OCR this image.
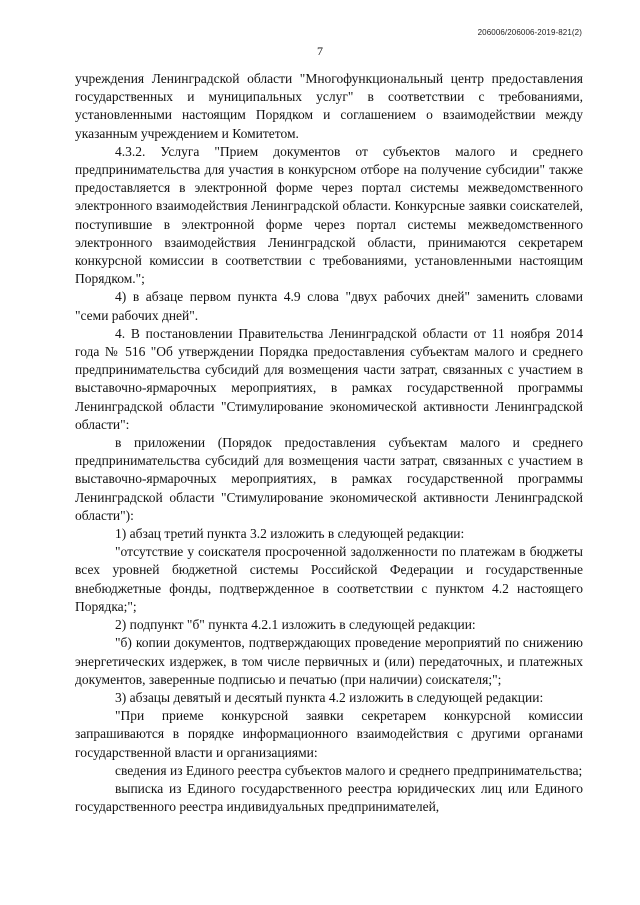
206006/206006-2019-821(2)
7

учреждения Ленинградской области "Многофункциональный центр предоставления государственных и муниципальных услуг" в соответствии с требованиями, установленными настоящим Порядком и соглашением о взаимодействии между указанным учреждением и Комитетом.

4.3.2. Услуга "Прием документов от субъектов малого и среднего предпринимательства для участия в конкурсном отборе на получение субсидии" также предоставляется в электронной форме через портал системы межведомственного электронного взаимодействия Ленинградской области. Конкурсные заявки соискателей, поступившие в электронной форме через портал системы межведомственного электронного взаимодействия Ленинградской области, принимаются секретарем конкурсной комиссии в соответствии с требованиями, установленными настоящим Порядком.";

4) в абзаце первом пункта 4.9 слова "двух рабочих дней" заменить словами "семи рабочих дней".

4. В постановлении Правительства Ленинградской области от 11 ноября 2014 года № 516 "Об утверждении Порядка предоставления субъектам малого и среднего предпринимательства субсидий для возмещения части затрат, связанных с участием в выставочно-ярмарочных мероприятиях, в рамках государственной программы Ленинградской области "Стимулирование экономической активности Ленинградской области":

в приложении (Порядок предоставления субъектам малого и среднего предпринимательства субсидий для возмещения части затрат, связанных с участием в выставочно-ярмарочных мероприятиях, в рамках государственной программы Ленинградской области "Стимулирование экономической активности Ленинградской области"):

1) абзац третий пункта 3.2 изложить в следующей редакции:

"отсутствие у соискателя просроченной задолженности по платежам в бюджеты всех уровней бюджетной системы Российской Федерации и государственные внебюджетные фонды, подтвержденное в соответствии с пунктом 4.2 настоящего Порядка;";

2) подпункт "б" пункта 4.2.1 изложить в следующей редакции:

"б) копии документов, подтверждающих проведение мероприятий по снижению энергетических издержек, в том числе первичных и (или) передаточных, и платежных документов, заверенные подписью и печатью (при наличии) соискателя;";

3) абзацы девятый и десятый пункта 4.2 изложить в следующей редакции:

"При приеме конкурсной заявки секретарем конкурсной комиссии запрашиваются в порядке информационного взаимодействия с другими органами государственной власти и организациями:

сведения из Единого реестра субъектов малого и среднего предпринимательства;

выписка из Единого государственного реестра юридических лиц или Единого государственного реестра индивидуальных предпринимателей,
